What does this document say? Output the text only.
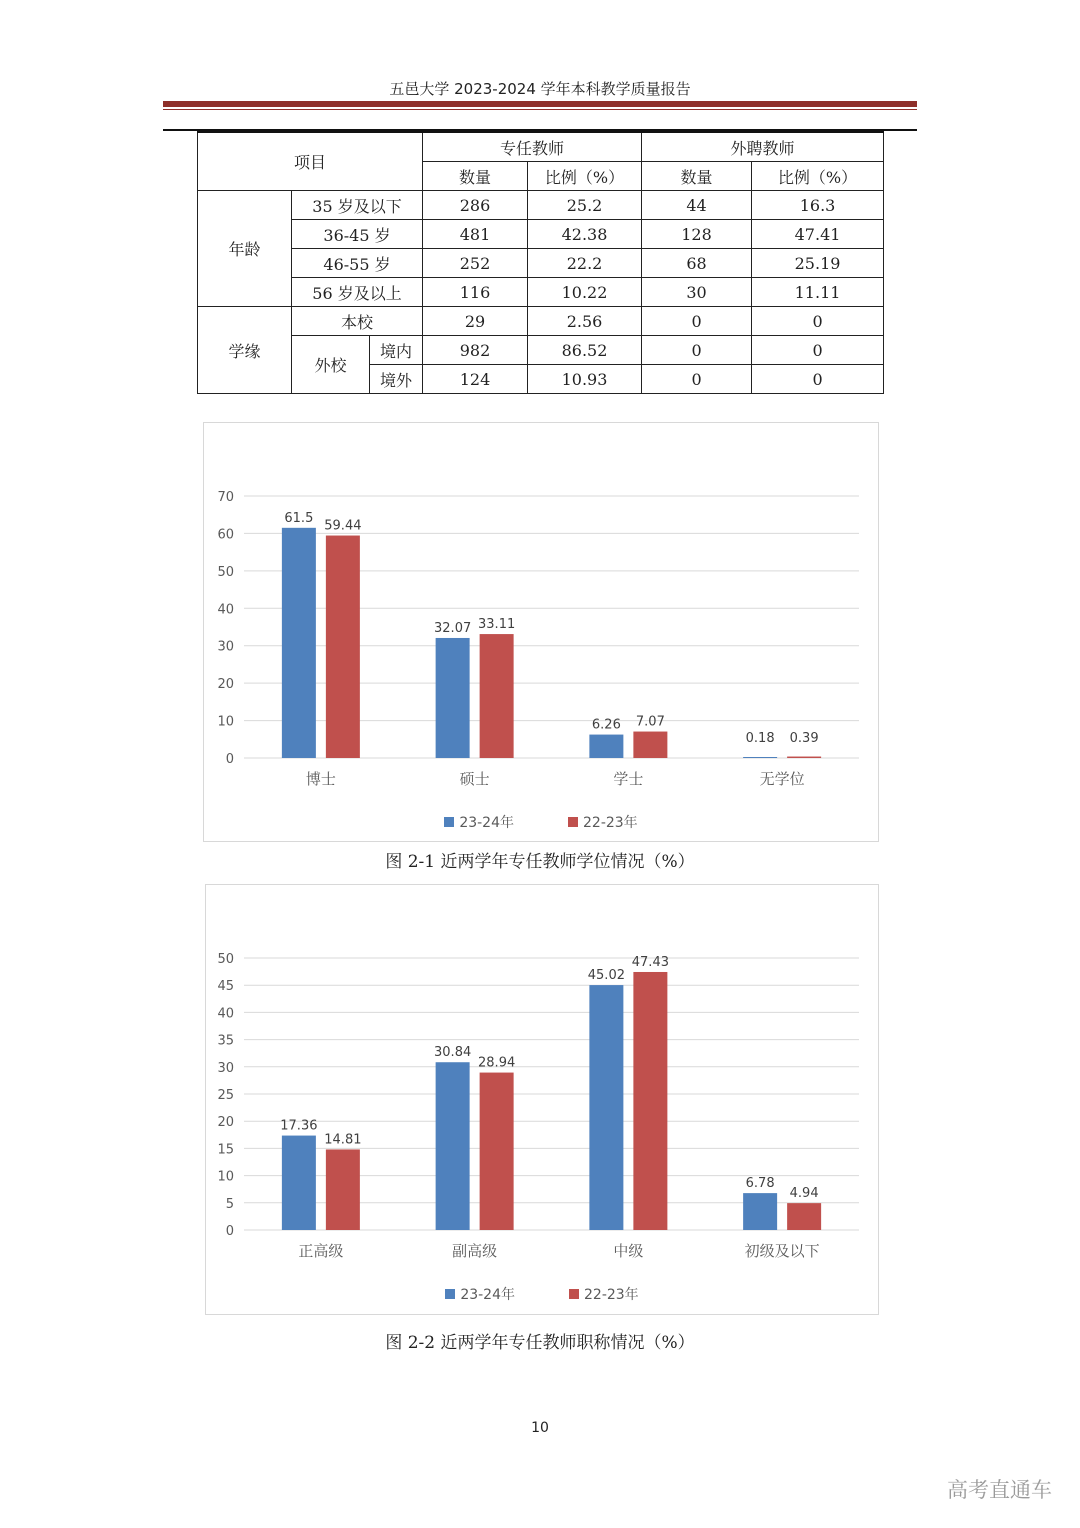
五邑大学 2023-2024 学年本科教学质量报告
项目			专任教师		外聘教师	
			数量	比例（%）	数量	比例（%）
年龄	35 岁及以下		286	25.2	44	16.3
	36-45 岁		481	42.38	128	47.41
	46-55 岁		252	22.2	68	25.19
	56 岁及以上		116	10.22	30	11.11
学缘	本校		29	2.56	0	0
	外校	境内	982	86.52	0	0
		境外	124	10.93	0	0
0
10
20
30
40
50
60
70
61.5
59.44
博士
32.07 33.11
硕士
6.26 7.07
学士
0.18 0.39
无学位
23-24年	22-23年
图 2-1 近两学年专任教师学位情况（%）
0
5
10
15
20
25
30
35
40
45
50
17.36
14.81
正高级
30.84
28.94
副高级
45.02
47.43
中级
6.78
4.94
初级及以下
23-24年	22-23年
图 2-2 近两学年专任教师职称情况（%）
10
高考直通车
